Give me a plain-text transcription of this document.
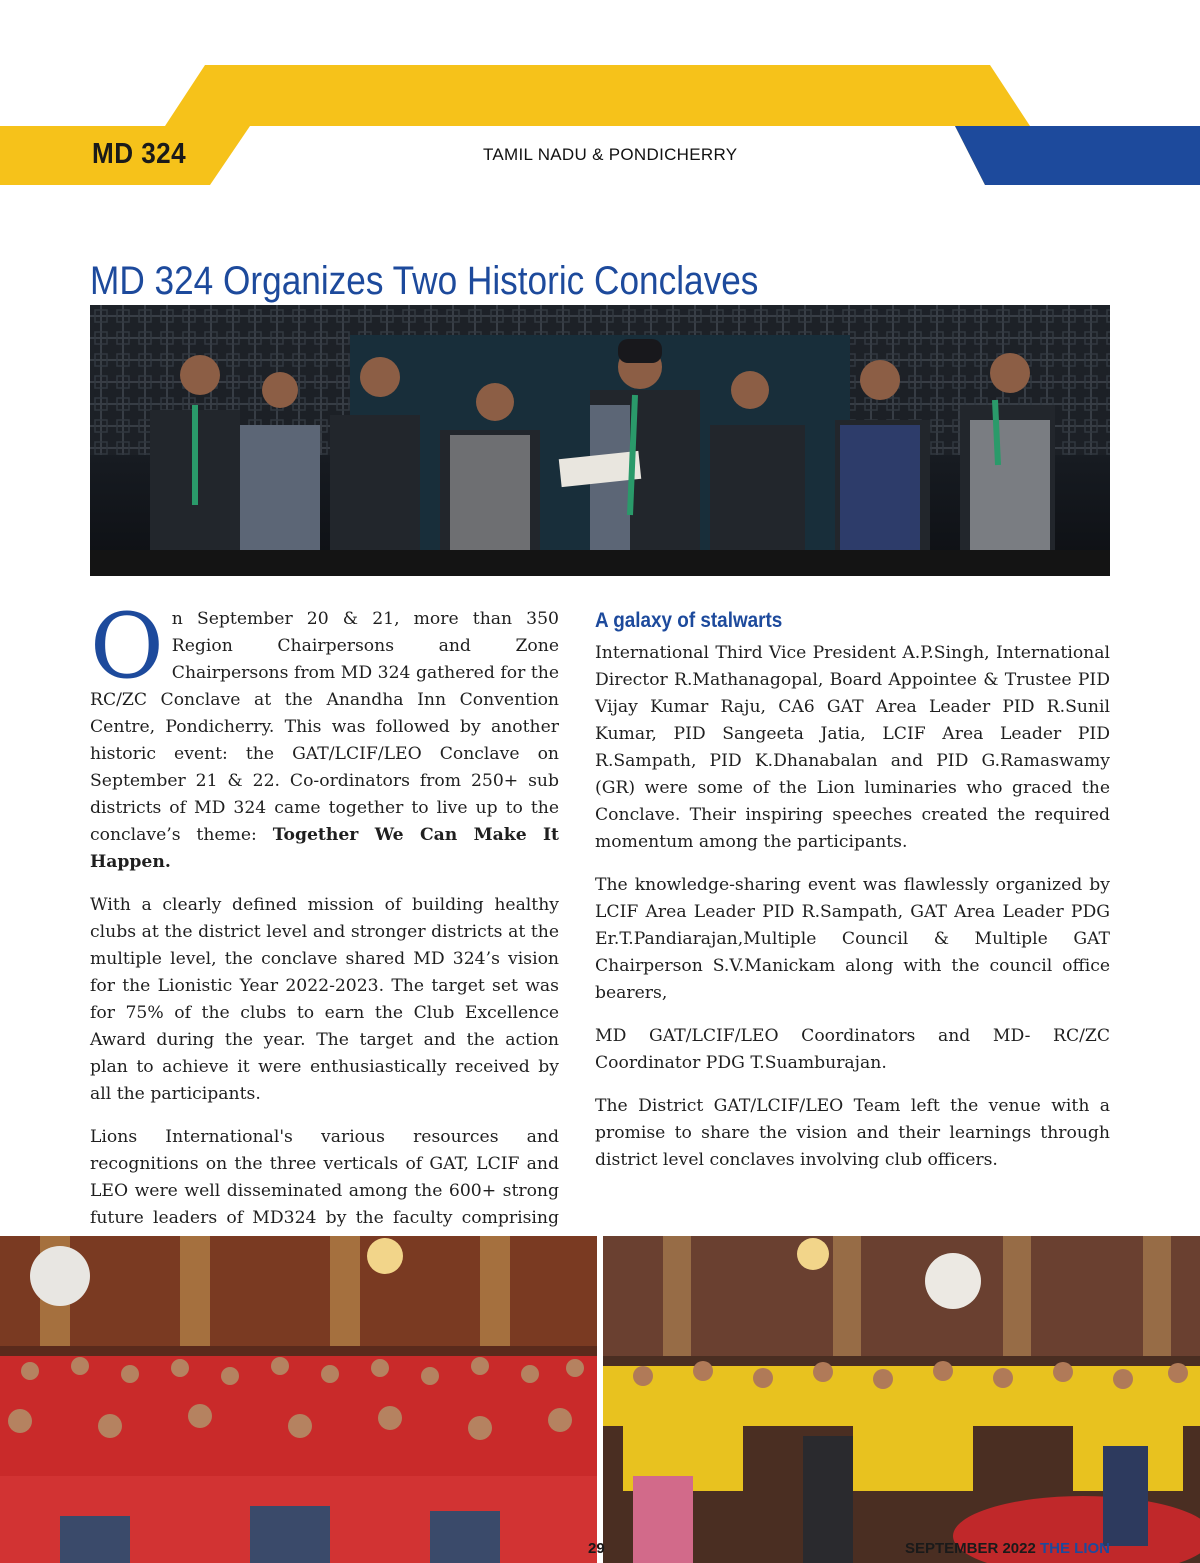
MD 324	TAMIL NADU & PONDICHERRY
MD 324 Organizes Two Historic Conclaves

On September 20 & 21, more than 350 Region Chairpersons and Zone Chairpersons from MD 324 gathered for the RC/ZC Conclave at the Anandha Inn Convention Centre, Pondicherry. This was followed by another historic event: the GAT/LCIF/LEO Conclave on September 21 & 22. Co-ordinators from 250+ sub districts of MD 324 came together to live up to the conclave’s theme: Together We Can Make It Happen.

With a clearly defined mission of building healthy clubs at the district level and stronger districts at the multiple level, the conclave shared MD 324’s vision for the Lionistic Year 2022-2023. The target set was for 75% of the clubs to earn the Club Excellence Award during the year. The target and the action plan to achieve it were enthusiastically received by all the participants.

Lions International's various resources and recognitions on the three verticals of GAT, LCIF and LEO were well disseminated among the 600+ strong future leaders of MD324 by the faculty comprising

A galaxy of stalwarts

International Third Vice President A.P.Singh, International Director R.Mathanagopal, Board Appointee & Trustee PID Vijay Kumar Raju, CA6 GAT Area Leader PID R.Sunil Kumar, PID Sangeeta Jatia, LCIF Area Leader PID R.Sampath, PID K.Dhanabalan and PID G.Ramaswamy (GR) were some of the Lion luminaries who graced the Conclave. Their inspiring speeches created the required momentum among the participants.

The knowledge-sharing event was flawlessly organized by LCIF Area Leader PID R.Sampath, GAT Area Leader PDG Er.T.Pandiarajan,Multiple Council & Multiple GAT Chairperson S.V.Manickam along with the council office bearers,

MD GAT/LCIF/LEO Coordinators and MD- RC/ZC Coordinator PDG T.Suamburajan.

The District GAT/LCIF/LEO Team left the venue with a promise to share the vision and their learnings through district level conclaves involving club officers.

29	SEPTEMBER 2022 THE LION
